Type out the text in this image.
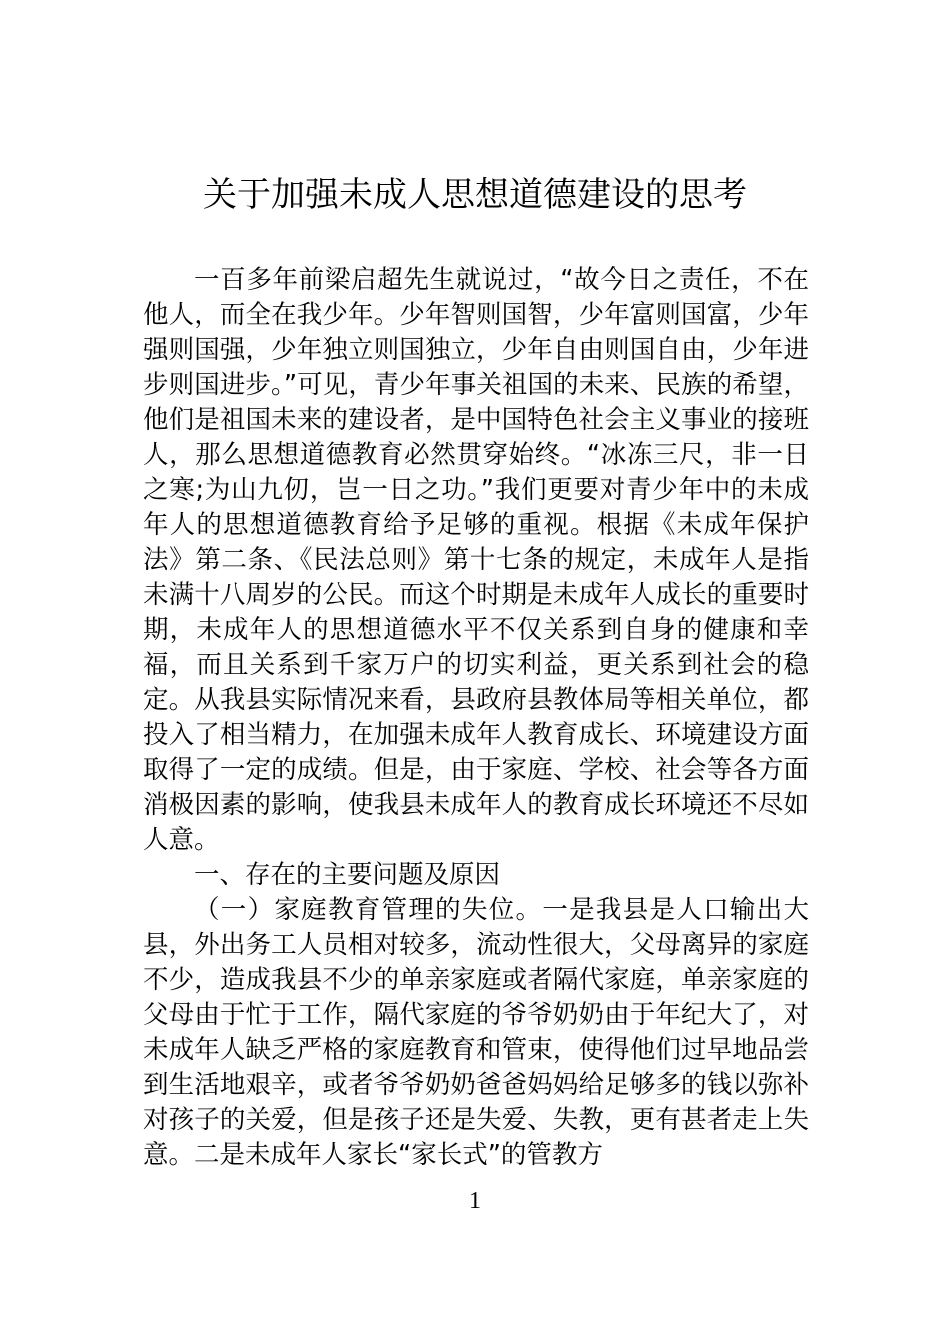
关于加强未成人思想道德建设的思考

一百多年前梁启超先生就说过，“故今日之责任，不在他人，而全在我少年。少年智则国智，少年富则国富，少年强则国强，少年独立则国独立，少年自由则国自由，少年进步则国进步。”可见，青少年事关祖国的未来、民族的希望，他们是祖国未来的建设者，是中国特色社会主义事业的接班人，那么思想道德教育必然贯穿始终。“冰冻三尺，非一日之寒;为山九仞，岂一日之功。”我们更要对青少年中的未成年人的思想道德教育给予足够的重视。根据《未成年保护法》第二条、《民法总则》第十七条的规定，未成年人是指未满十八周岁的公民。而这个时期是未成年人成长的重要时期，未成年人的思想道德水平不仅关系到自身的健康和幸福，而且关系到千家万户的切实利益，更关系到社会的稳定。从我县实际情况来看，县政府县教体局等相关单位，都投入了相当精力，在加强未成年人教育成长、环境建设方面取得了一定的成绩。但是，由于家庭、学校、社会等各方面消极因素的影响，使我县未成年人的教育成长环境还不尽如人意。

一、存在的主要问题及原因

（一）家庭教育管理的失位。一是我县是人口输出大县，外出务工人员相对较多，流动性很大，父母离异的家庭不少，造成我县不少的单亲家庭或者隔代家庭，单亲家庭的父母由于忙于工作，隔代家庭的爷爷奶奶由于年纪大了，对未成年人缺乏严格的家庭教育和管束，使得他们过早地品尝到生活地艰辛，或者爷爷奶奶爸爸妈妈给足够多的钱以弥补对孩子的关爱，但是孩子还是失爱、失教，更有甚者走上失意。二是未成年人家长“家长式”的管教方

1
